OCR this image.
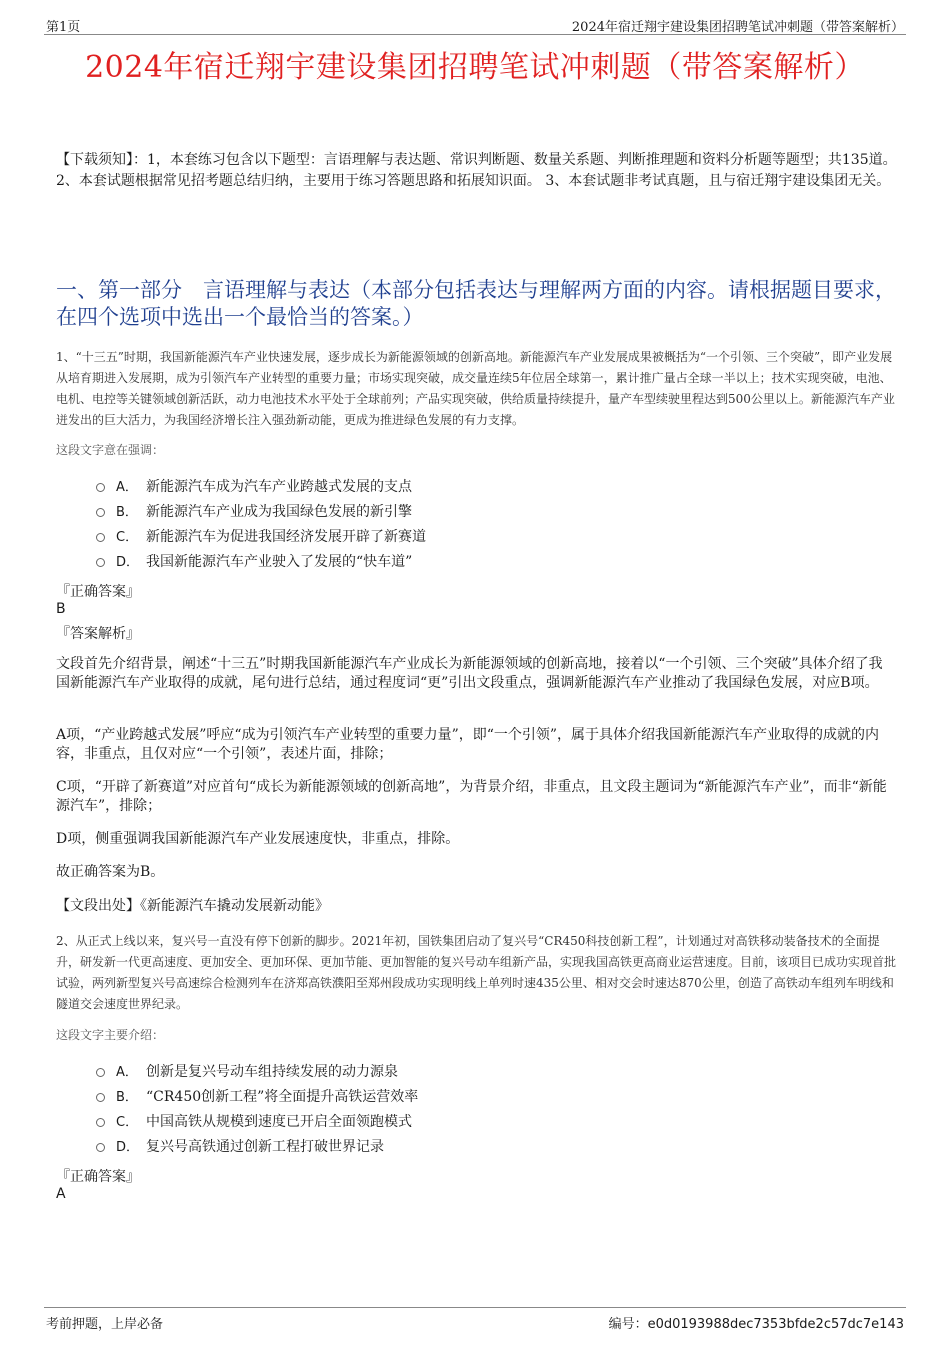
第1页	2024年宿迁翔宇建设集团招聘笔试冲刺题（带答案解析）
2024年宿迁翔宇建设集团招聘笔试冲刺题（带答案解析）
【下载须知】：1，本套练习包含以下题型：言语理解与表达题、常识判断题、数量关系题、判断推理题和资料分析题等题型；共135道。 2、本套试题根据常见招考题总结归纳，主要用于练习答题思路和拓展知识面。 3、本套试题非考试真题，且与宿迁翔宇建设集团无关。
一、第一部分　言语理解与表达（本部分包括表达与理解两方面的内容。请根据题目要求，在四个选项中选出一个最恰当的答案。）
1、“十三五”时期，我国新能源汽车产业快速发展，逐步成长为新能源领域的创新高地。新能源汽车产业发展成果被概括为“一个引领、三个突破”，即产业发展从培育期进入发展期，成为引领汽车产业转型的重要力量；市场实现突破，成交量连续5年位居全球第一，累计推广量占全球一半以上；技术实现突破，电池、电机、电控等关键领域创新活跃，动力电池技术水平处于全球前列；产品实现突破，供给质量持续提升，量产车型续驶里程达到500公里以上。新能源汽车产业迸发出的巨大活力，为我国经济增长注入强劲新动能，更成为推进绿色发展的有力支撑。
这段文字意在强调：
A． 新能源汽车成为汽车产业跨越式发展的支点
B． 新能源汽车产业成为我国绿色发展的新引擎
C． 新能源汽车为促进我国经济发展开辟了新赛道
D． 我国新能源汽车产业驶入了发展的“快车道”
『正确答案』
B
『答案解析』
文段首先介绍背景，阐述“十三五”时期我国新能源汽车产业成长为新能源领域的创新高地，接着以“一个引领、三个突破”具体介绍了我国新能源汽车产业取得的成就，尾句进行总结，通过程度词“更”引出文段重点，强调新能源汽车产业推动了我国绿色发展，对应B项。
A项，“产业跨越式发展”呼应“成为引领汽车产业转型的重要力量”，即“一个引领”，属于具体介绍我国新能源汽车产业取得的成就的内容，非重点，且仅对应“一个引领”，表述片面，排除；
C项，“开辟了新赛道”对应首句“成长为新能源领域的创新高地”，为背景介绍，非重点，且文段主题词为“新能源汽车产业”，而非“新能源汽车”，排除；
D项，侧重强调我国新能源汽车产业发展速度快，非重点，排除。
故正确答案为B。
【文段出处】《新能源汽车撬动发展新动能》
2、从正式上线以来，复兴号一直没有停下创新的脚步。2021年初，国铁集团启动了复兴号“CR450科技创新工程”，计划通过对高铁移动装备技术的全面提升，研发新一代更高速度、更加安全、更加环保、更加节能、更加智能的复兴号动车组新产品，实现我国高铁更高商业运营速度。目前，该项目已成功实现首批试验，两列新型复兴号高速综合检测列车在济郑高铁濮阳至郑州段成功实现明线上单列时速435公里、相对交会时速达870公里，创造了高铁动车组列车明线和隧道交会速度世界纪录。
这段文字主要介绍：
A． 创新是复兴号动车组持续发展的动力源泉
B． “CR450创新工程”将全面提升高铁运营效率
C． 中国高铁从规模到速度已开启全面领跑模式
D． 复兴号高铁通过创新工程打破世界记录
『正确答案』
A
考前押题，上岸必备	编号：e0d0193988dec7353bfde2c57dc7e143
